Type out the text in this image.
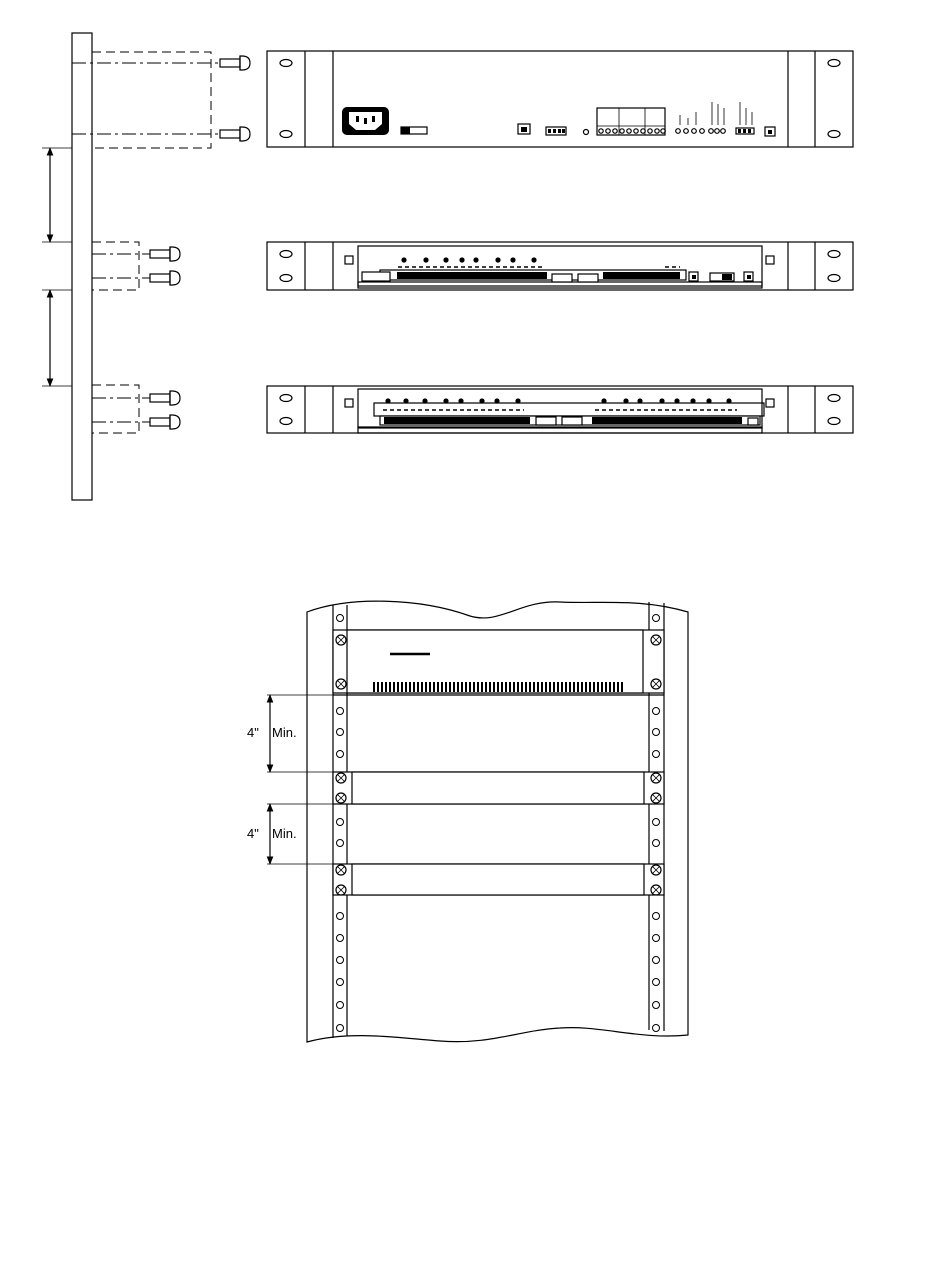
4" Min.
4" Min.
